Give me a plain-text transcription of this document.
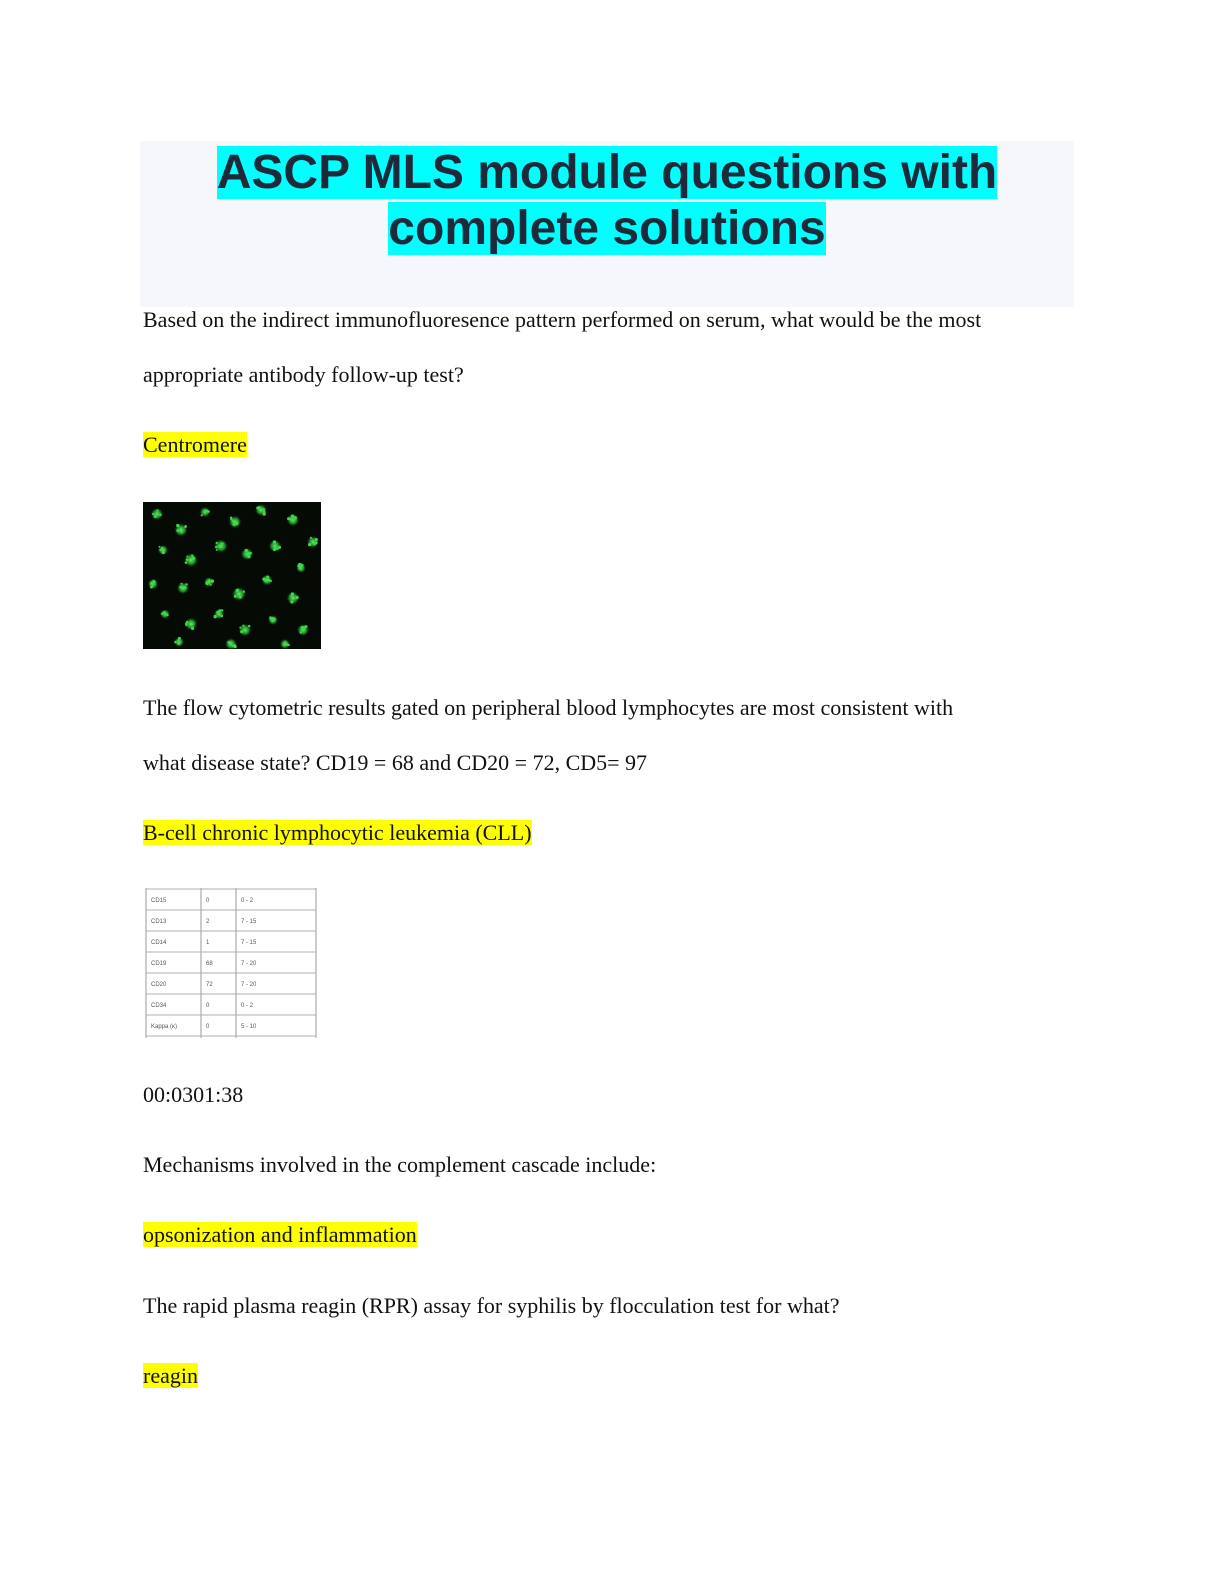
ASCP MLS module questions with
complete solutions

Based on the indirect immunofluoresence pattern performed on serum, what would be the most

appropriate antibody follow-up test?

Centromere

The flow cytometric results gated on peripheral blood lymphocytes are most consistent with

what disease state? CD19 = 68 and CD20 = 72, CD5= 97

B-cell chronic lymphocytic leukemia (CLL)

CD15	0	0 - 2
CD13	2	7 - 15
CD14	1	7 - 15
CD19	68	7 - 20
CD20	72	7 - 20
CD34	0	0 - 2
Kappa (κ)	0	5 - 10

00:0301:38

Mechanisms involved in the complement cascade include:

opsonization and inflammation

The rapid plasma reagin (RPR) assay for syphilis by flocculation test for what?

reagin
